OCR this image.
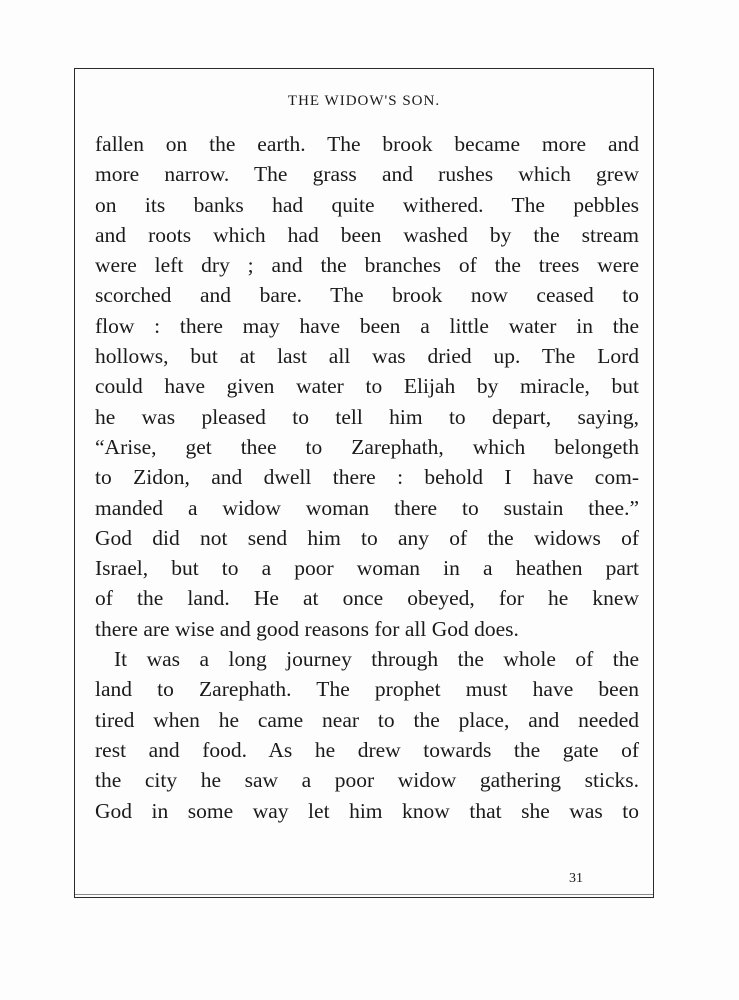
THE WIDOW'S SON.
fallen on the earth. The brook became more and
more narrow. The grass and rushes which grew
on its banks had quite withered. The pebbles
and roots which had been washed by the stream
were left dry ; and the branches of the trees were
scorched and bare. The brook now ceased to
flow : there may have been a little water in the
hollows, but at last all was dried up. The Lord
could have given water to Elijah by miracle, but
he was pleased to tell him to depart, saying,
“Arise, get thee to Zarephath, which belongeth
to Zidon, and dwell there : behold I have com-
manded a widow woman there to sustain thee.”
God did not send him to any of the widows of
Israel, but to a poor woman in a heathen part
of the land. He at once obeyed, for he knew
there are wise and good reasons for all God does.
It was a long journey through the whole of the
land to Zarephath. The prophet must have been
tired when he came near to the place, and needed
rest and food. As he drew towards the gate of
the city he saw a poor widow gathering sticks.
God in some way let him know that she was to
31
